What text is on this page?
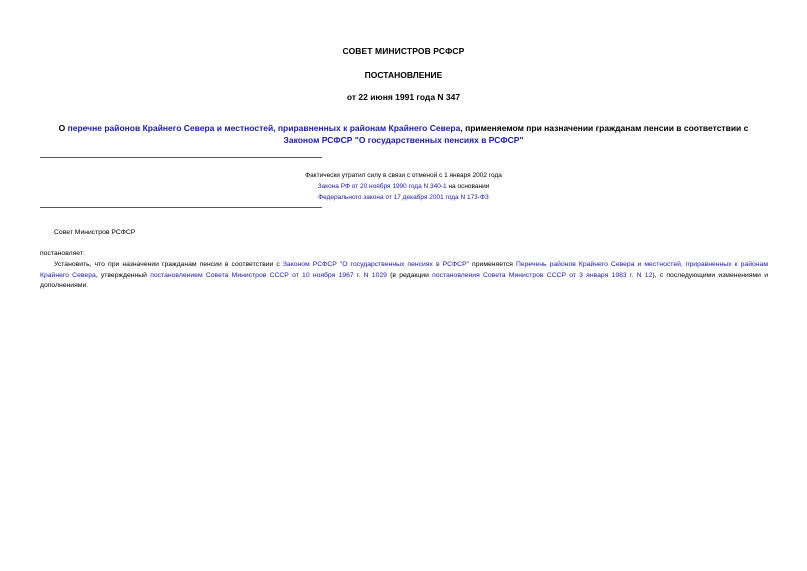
СОВЕТ МИНИСТРОВ РСФСР
ПОСТАНОВЛЕНИЕ
от 22 июня 1991 года N 347
О перечне районов Крайнего Севера и местностей, приравненных к районам Крайнего Севера, применяемом при назначении гражданам пенсии в соответствии с
Законом РСФСР "О государственных пенсиях в РСФСР"
Фактически утратил силу в связи с отменой с 1 января 2002 года
Закона РФ от 20 ноября 1990 года N 340-1 на основании
Федерального закона от 17 декабря 2001 года N 173-ФЗ
Совет Министров РСФСР
постановляет:
Установить, что при назначении гражданам пенсии в соответствии с Законом РСФСР "О государственных пенсиях в РСФСР" применяется Перечень районов Крайнего Севера и местностей, приравненных к районам Крайнего Севера, утвержденный постановлением Совета Министров СССР от 10 ноября 1967 г. N 1029 (в редакции постановления Совета Министров СССР от 3 января 1983 г. N 12), с последующими изменениями и дополнениями.
